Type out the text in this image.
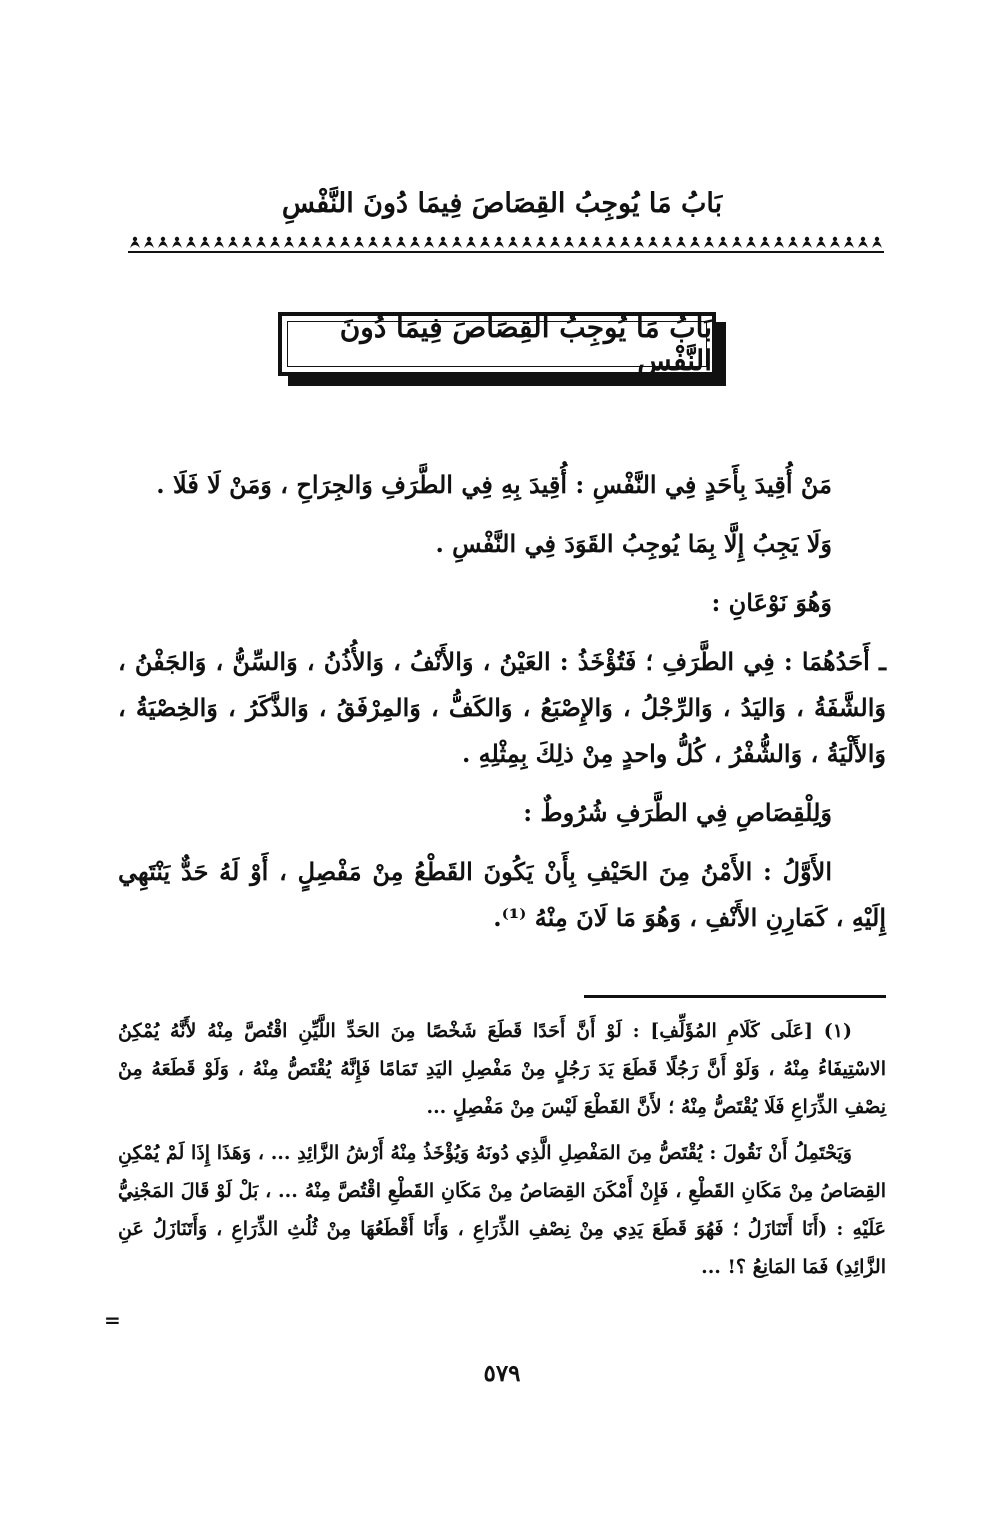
بَابُ مَا يُوجِبُ القِصَاصَ فِيمَا دُونَ النَّفْسِ
بَابُ مَا يُوجِبُ القِصَاصَ فِيمَا دُونَ النَّفْسِ

مَنْ أُقِيدَ بِأَحَدٍ فِي النَّفْسِ : أُقِيدَ بِهِ فِي الطَّرَفِ وَالجِرَاحِ ، وَمَنْ لَا فَلَا .

وَلَا يَجِبُ إِلَّا بِمَا يُوجِبُ القَوَدَ فِي النَّفْسِ .

وَهُوَ نَوْعَانِ :

ـ أَحَدُهُمَا : فِي الطَّرَفِ ؛ فَتُؤْخَذُ : العَيْنُ ، وَالأَنْفُ ، وَالأُذُنُ ، وَالسِّنُّ ، وَالجَفْنُ ، وَالشَّفَةُ ، وَاليَدُ ، وَالرِّجْلُ ، وَالإِصْبَعُ ، وَالكَفُّ ، وَالمِرْفَقُ ، وَالذَّكَرُ ، وَالخِصْيَةُ ، وَالأَلْيَةُ ، وَالشُّفْرُ ، كُلُّ واحدٍ مِنْ ذلِكَ بِمِثْلِهِ .

وَلِلْقِصَاصِ فِي الطَّرَفِ شُرُوطٌ :

الأَوَّلُ : الأَمْنُ مِنَ الحَيْفِ بِأَنْ يَكُونَ القَطْعُ مِنْ مَفْصِلٍ ، أَوْ لَهُ حَدٌّ يَنْتَهِي إِلَيْهِ ، كَمَارِنِ الأَنْفِ ، وَهُوَ مَا لَانَ مِنْهُ ⁽¹⁾.

(١) [عَلَى كَلَامِ المُؤَلِّفِ] : لَوْ أَنَّ أَحَدًا قَطَعَ شَخْصًا مِنَ الحَدِّ اللَّيِّنِ اقْتُصَّ مِنْهُ لأَنَّهُ يُمْكِنُ الاسْتِيفَاءُ مِنْهُ ، وَلَوْ أَنَّ رَجُلًا قَطَعَ يَدَ رَجُلٍ مِنْ مَفْصِلِ اليَدِ تَمَامًا فَإِنَّهُ يُقْتَصُّ مِنْهُ ، وَلَوْ قَطَعَهُ مِنْ نِصْفِ الذِّرَاعِ فَلَا يُقْتَصُّ مِنْهُ ؛ لأَنَّ القَطْعَ لَيْسَ مِنْ مَفْصِلٍ ...

وَيَحْتَمِلُ أَنْ نَقُولَ : يُقْتَصُّ مِنَ المَفْصِلِ الَّذِي دُونَهُ وَيُؤْخَذُ مِنْهُ أَرْشُ الزَّائِدِ ... ، وَهَذَا إِذَا لَمْ يُمْكِنِ القِصَاصُ مِنْ مَكَانِ القَطْعِ ، فَإِنْ أَمْكَنَ القِصَاصُ مِنْ مَكَانِ القَطْعِ اقْتُصَّ مِنْهُ ... ، بَلْ لَوْ قَالَ المَجْنِيُّ عَلَيْهِ : (أَنَا أَتَنَازَلُ ؛ فَهُوَ قَطَعَ يَدِي مِنْ نِصْفِ الذِّرَاعِ ، وَأَنَا أَقْطَعُهَا مِنْ ثُلُثِ الذِّرَاعِ ، وَأَتَنَازَلُ عَنِ الزَّائِدِ) فَمَا المَانِعُ ؟! ...

=
٥٧٩
